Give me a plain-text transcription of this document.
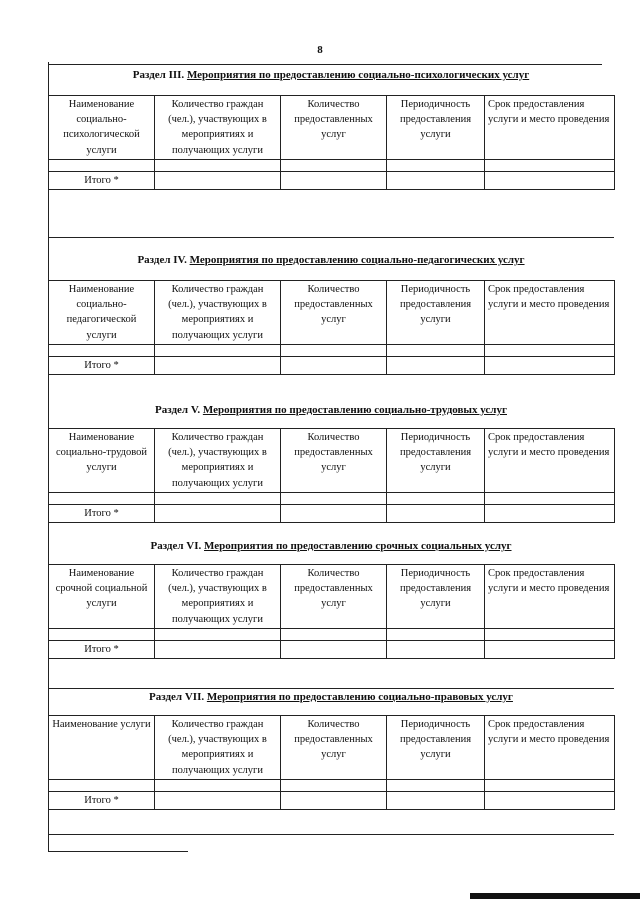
8
Раздел III. Мероприятия по предоставлению социально-психологических услуг
Наименование социально-психологической услуги	Количество граждан (чел.), участвующих в мероприятиях и получающих услуги	Количество предоставленных услуг	Периодичность предоставления услуги	Срок предоставления услуги и место проведения

Итого *				
Раздел IV. Мероприятия по предоставлению социально-педагогических услуг
Наименование социально-педагогической услуги	Количество граждан (чел.), участвующих в мероприятиях и получающих услуги	Количество предоставленных услуг	Периодичность предоставления услуги	Срок предоставления услуги и место проведения

Итого *				
Раздел V. Мероприятия по предоставлению социально-трудовых услуг
Наименование социально-трудовой услуги	Количество граждан (чел.), участвующих в мероприятиях и получающих услуги	Количество предоставленных услуг	Периодичность предоставления услуги	Срок предоставления услуги и место проведения

Итого *				
Раздел VI. Мероприятия по предоставлению срочных социальных услуг
Наименование срочной социальной услуги	Количество граждан (чел.), участвующих в мероприятиях и получающих услуги	Количество предоставленных услуг	Периодичность предоставления услуги	Срок предоставления услуги и место проведения

Итого *				
Раздел VII. Мероприятия по предоставлению социально-правовых услуг
Наименование услуги	Количество граждан (чел.), участвующих в мероприятиях и получающих услуги	Количество предоставленных услуг	Периодичность предоставления услуги	Срок предоставления услуги и место проведения

Итого *				
